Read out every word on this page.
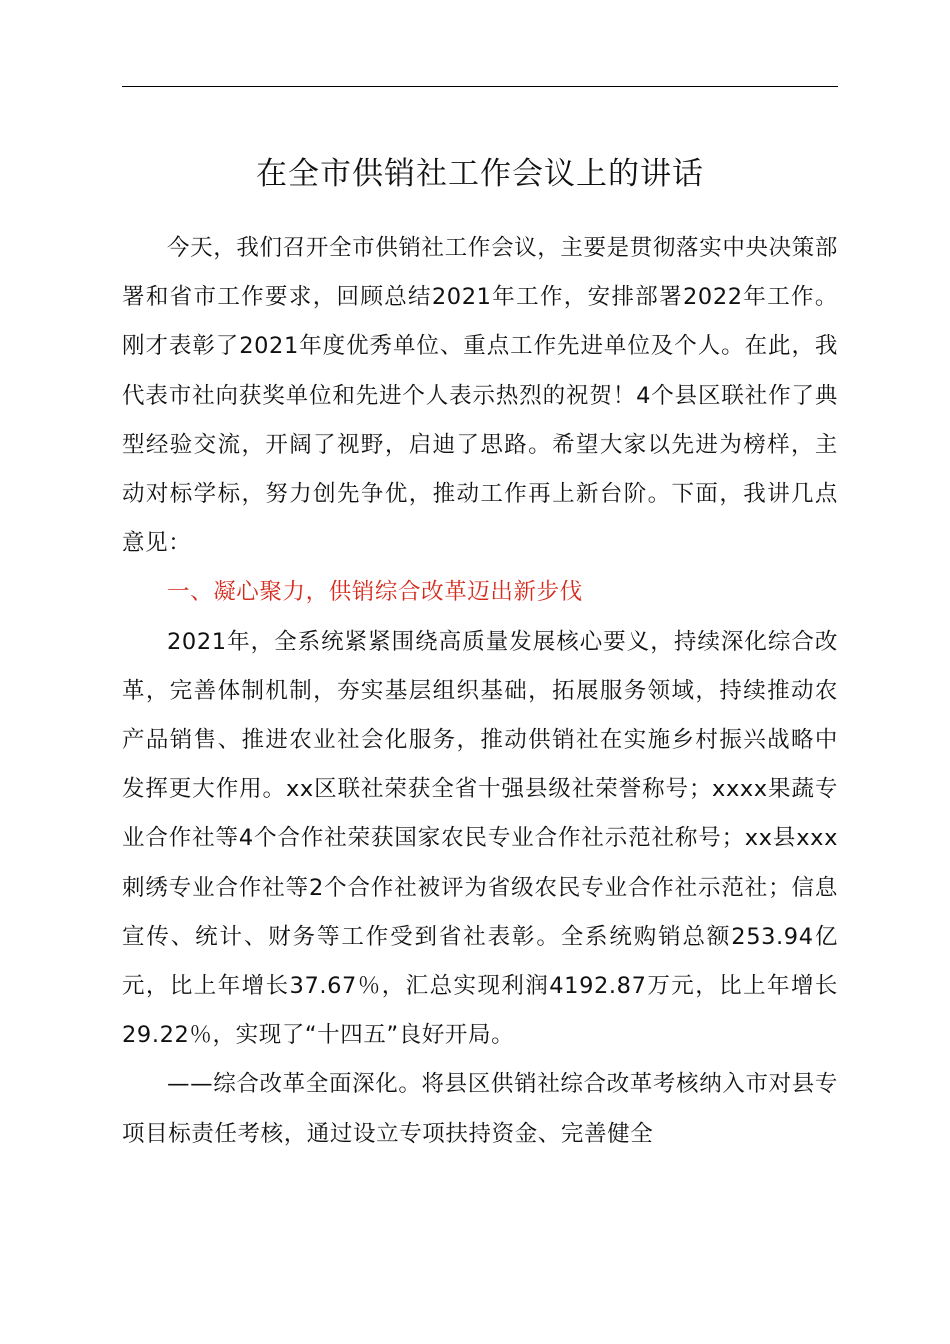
在全市供销社工作会议上的讲话

今天，我们召开全市供销社工作会议，主要是贯彻落实中央决策部署和省市工作要求，回顾总结2021年工作，安排部署2022年工作。刚才表彰了2021年度优秀单位、重点工作先进单位及个人。在此，我代表市社向获奖单位和先进个人表示热烈的祝贺！4个县区联社作了典型经验交流，开阔了视野，启迪了思路。希望大家以先进为榜样，主动对标学标，努力创先争优，推动工作再上新台阶。下面，我讲几点意见：

一、凝心聚力，供销综合改革迈出新步伐

2021年，全系统紧紧围绕高质量发展核心要义，持续深化综合改革，完善体制机制，夯实基层组织基础，拓展服务领域，持续推动农产品销售、推进农业社会化服务，推动供销社在实施乡村振兴战略中发挥更大作用。xx区联社荣获全省十强县级社荣誉称号；xxxx果蔬专业合作社等4个合作社荣获国家农民专业合作社示范社称号；xx县xxx刺绣专业合作社等2个合作社被评为省级农民专业合作社示范社；信息宣传、统计、财务等工作受到省社表彰。全系统购销总额253.94亿元，比上年增长37.67％，汇总实现利润4192.87万元，比上年增长29.22％，实现了“十四五”良好开局。

——综合改革全面深化。将县区供销社综合改革考核纳入市对县专项目标责任考核，通过设立专项扶持资金、完善健全
